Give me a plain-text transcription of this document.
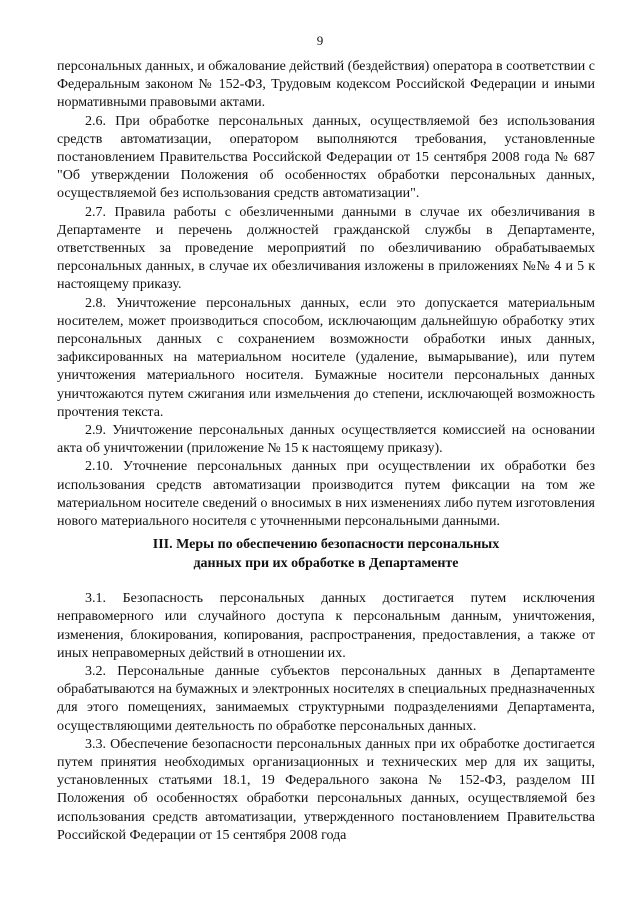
9

персональных данных, и обжалование действий (бездействия) оператора в соответствии с Федеральным законом № 152-ФЗ, Трудовым кодексом Российской Федерации и иными нормативными правовыми актами.

2.6. При обработке персональных данных, осуществляемой без использования средств автоматизации, оператором выполняются требования, установленные постановлением Правительства Российской Федерации от 15 сентября 2008 года № 687 "Об утверждении Положения об особенностях обработки персональных данных, осуществляемой без использования средств автоматизации".

2.7. Правила работы с обезличенными данными в случае их обезличивания в Департаменте и перечень должностей гражданской службы в Департаменте, ответственных за проведение мероприятий по обезличиванию обрабатываемых персональных данных, в случае их обезличивания изложены в приложениях №№ 4 и 5 к настоящему приказу.

2.8. Уничтожение персональных данных, если это допускается материальным носителем, может производиться способом, исключающим дальнейшую обработку этих персональных данных с сохранением возможности обработки иных данных, зафиксированных на материальном носителе (удаление, вымарывание), или путем уничтожения материального носителя. Бумажные носители персональных данных уничтожаются путем сжигания или измельчения до степени, исключающей возможность прочтения текста.

2.9. Уничтожение персональных данных осуществляется комиссией на основании акта об уничтожении (приложение № 15 к настоящему приказу).

2.10. Уточнение персональных данных при осуществлении их обработки без использования средств автоматизации производится путем фиксации на том же материальном носителе сведений о вносимых в них изменениях либо путем изготовления нового материального носителя с уточненными персональными данными.

III. Меры по обеспечению безопасности персональных
данных при их обработке в Департаменте

3.1. Безопасность персональных данных достигается путем исключения неправомерного или случайного доступа к персональным данным, уничтожения, изменения, блокирования, копирования, распространения, предоставления, а также от иных неправомерных действий в отношении их.

3.2. Персональные данные субъектов персональных данных в Департаменте обрабатываются на бумажных и электронных носителях в специальных предназначенных для этого помещениях, занимаемых структурными подразделениями Департамента, осуществляющими деятельность по обработке персональных данных.

3.3. Обеспечение безопасности персональных данных при их обработке достигается путем принятия необходимых организационных и технических мер для их защиты, установленных статьями 18.1, 19 Федерального закона № 152-ФЗ, разделом III Положения об особенностях обработки персональных данных, осуществляемой без использования средств автоматизации, утвержденного постановлением Правительства Российской Федерации от 15 сентября 2008 года
